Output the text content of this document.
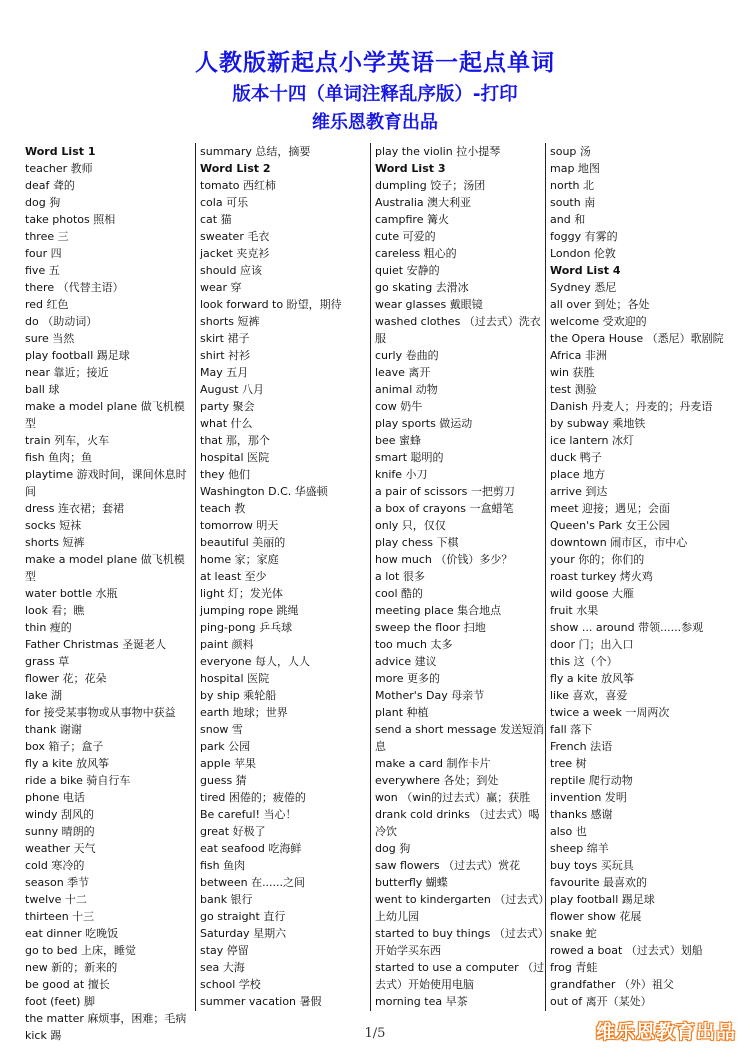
人教版新起点小学英语一起点单词
版本十四（单词注释乱序版）-打印
维乐恩教育出品

Word List 1

teacher 教师

deaf 聋的

dog 狗

take photos 照相

three 三

four 四

five 五

there （代替主语）

red 红色

do （助动词）

sure 当然

play football 踢足球

near 靠近；接近

ball 球

make a model plane 做飞机模型

train 列车，火车

fish 鱼肉；鱼

playtime 游戏时间，课间休息时间

dress 连衣裙；套裙

socks 短袜

shorts 短裤

make a model plane 做飞机模型

water bottle 水瓶

look 看；瞧

thin 瘦的

Father Christmas 圣诞老人

grass 草

flower 花；花朵

lake 湖

for 接受某事物或从事物中获益

thank 谢谢

box 箱子；盒子

fly a kite 放风筝

ride a bike 骑自行车

phone 电话

windy 刮风的

sunny 晴朗的

weather 天气

cold 寒冷的

season 季节

twelve 十二

thirteen 十三

eat dinner 吃晚饭

go to bed 上床，睡觉

new 新的；新来的

be good at 擅长

foot (feet) 脚

the matter 麻烦事，困难；毛病

kick 踢

summary 总结，摘要

Word List 2

tomato 西红柿

cola 可乐

cat 猫

sweater 毛衣

jacket 夹克衫

should 应该

wear 穿

look forward to 盼望，期待

shorts 短裤

skirt 裙子

shirt 衬衫

May 五月

August 八月

party 聚会

what 什么

that 那，那个

hospital 医院

they 他们

Washington D.C. 华盛顿

teach 教

tomorrow 明天

beautiful 美丽的

home 家；家庭

at least 至少

light 灯；发光体

jumping rope 跳绳

ping-pong 乒乓球

paint 颜料

everyone 每人，人人

hospital 医院

by ship 乘轮船

earth 地球；世界

snow 雪

park 公园

apple 苹果

guess 猜

tired 困倦的；疲倦的

Be careful! 当心！

great 好极了

eat seafood 吃海鲜

fish 鱼肉

between 在......之间

bank 银行

go straight 直行

Saturday 星期六

stay 停留

sea 大海

school 学校

summer vacation 暑假

play the violin 拉小提琴

Word List 3

dumpling 饺子；汤团

Australia 澳大利亚

campfire 篝火

cute 可爱的

careless 粗心的

quiet 安静的

go skating 去滑冰

wear glasses 戴眼镜

washed clothes （过去式）洗衣服

curly 卷曲的

leave 离开

animal 动物

cow 奶牛

play sports 做运动

bee 蜜蜂

smart 聪明的

knife 小刀

a pair of scissors 一把剪刀

a box of crayons 一盒蜡笔

only 只，仅仅

play chess 下棋

how much （价钱）多少？

a lot 很多

cool 酷的

meeting place 集合地点

sweep the floor 扫地

too much 太多

advice 建议

more 更多的

Mother's Day 母亲节

plant 种植

send a short message 发送短消息

make a card 制作卡片

everywhere 各处；到处

won （win的过去式）赢；获胜

drank cold drinks （过去式）喝冷饮

dog 狗

saw flowers （过去式）赏花

butterfly 蝴蝶

went to kindergarten （过去式）上幼儿园

started to buy things （过去式）开始学买东西

started to use a computer （过去式）开始使用电脑

morning tea 早茶

soup 汤

map 地图

north 北

south 南

and 和

foggy 有雾的

London 伦敦

Word List 4

Sydney 悉尼

all over 到处；各处

welcome 受欢迎的

the Opera House （悉尼）歌剧院

Africa 非洲

win 获胜

test 测验

Danish 丹麦人；丹麦的；丹麦语

by subway 乘地铁

ice lantern 冰灯

duck 鸭子

place 地方

arrive 到达

meet 迎接；遇见；会面

Queen's Park 女王公园

downtown 闹市区，市中心

your 你的；你们的

roast turkey 烤火鸡

wild goose 大雁

fruit 水果

show ... around 带领......参观

door 门；出入口

this 这（个）

fly a kite 放风筝

like 喜欢，喜爱

twice a week 一周两次

fall 落下

French 法语

tree 树

reptile 爬行动物

invention 发明

thanks 感谢

also 也

sheep 绵羊

buy toys 买玩具

favourite 最喜欢的

play football 踢足球

flower show 花展

snake 蛇

rowed a boat （过去式）划船

frog 青蛙

grandfather （外）祖父

out of 离开（某处）

1/5	维乐恩教育出品
